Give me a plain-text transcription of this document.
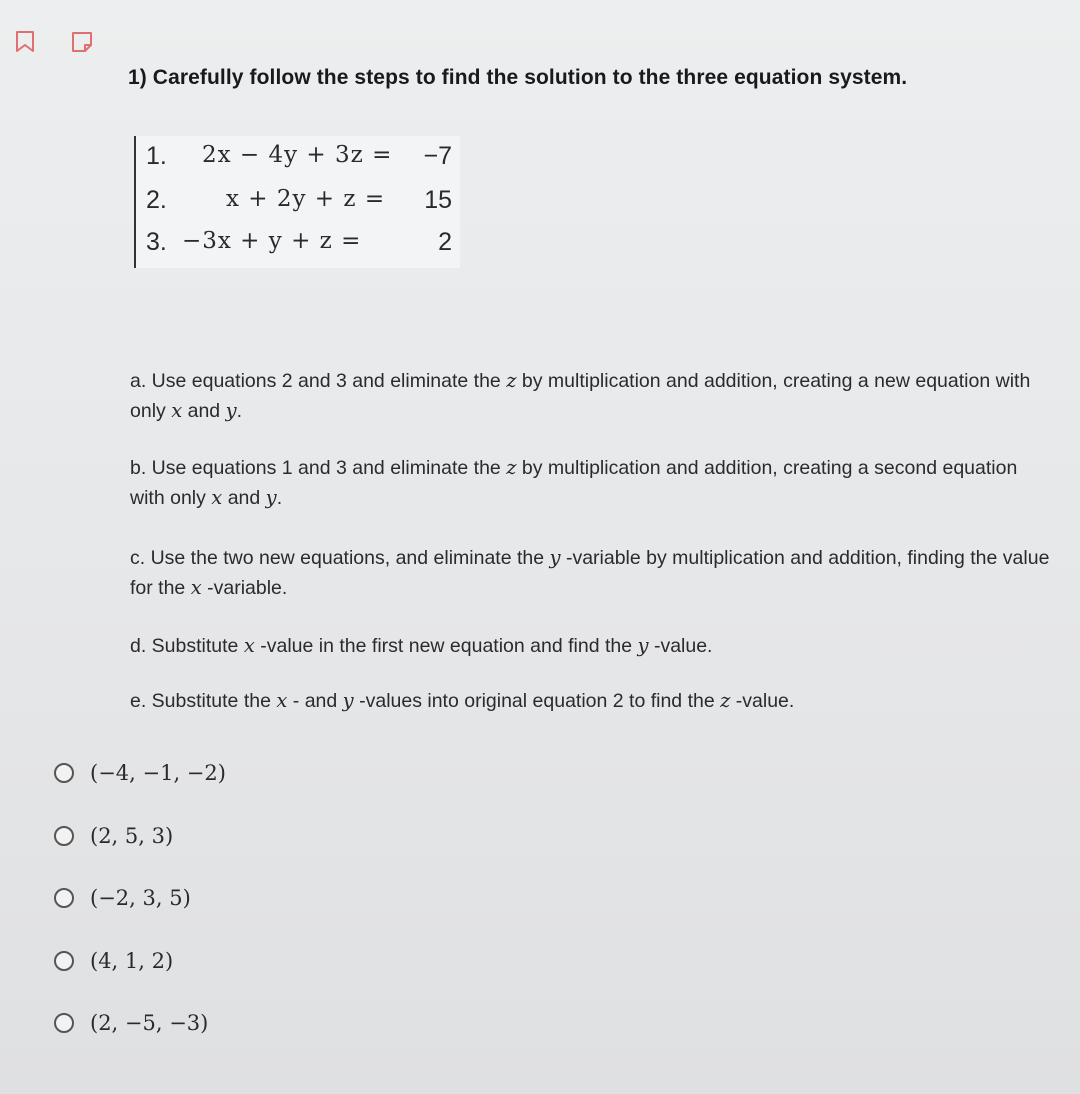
1) Carefully follow the steps to find the solution to the three equation system.
1. 2x − 4y + 3z =	−7
2.	x + 2y + z =	15
3. −3x + y + z =	2
a. Use equations 2 and 3 and eliminate the z by multiplication and addition, creating a new equation with only x and y.
b. Use equations 1 and 3 and eliminate the z by multiplication and addition, creating a second equation with only x and y.
c. Use the two new equations, and eliminate the y -variable by multiplication and addition, finding the value for the x -variable.
d. Substitute x -value in the first new equation and find the y -value.
e. Substitute the x - and y -values into original equation 2 to find the z -value.
(−4, −1, −2)
(2, 5, 3)
(−2, 3, 5)
(4, 1, 2)
(2, −5, −3)
